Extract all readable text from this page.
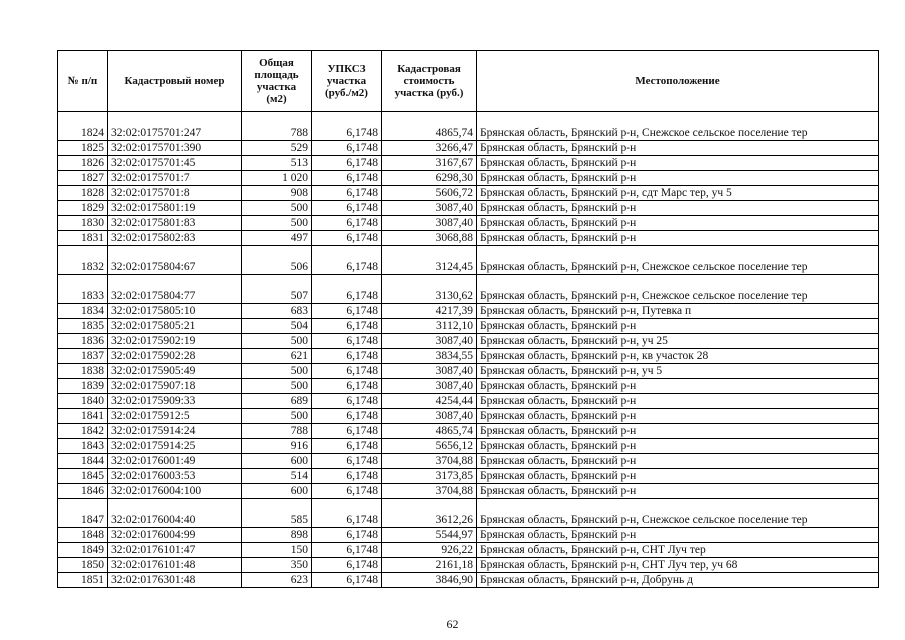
№ п/п	Кадастровый номер	Общая
площадь
участка
(м2)	УПКСЗ
участка
(руб./м2)	Кадастровая
стоимость
участка (руб.)	Местоположение
1824	32:02:0175701:247	788	6,1748	4865,74	Брянская область, Брянский р-н, Снежское сельское поселение тер
1825	32:02:0175701:390	529	6,1748	3266,47	Брянская область, Брянский р-н
1826	32:02:0175701:45	513	6,1748	3167,67	Брянская область, Брянский р-н
1827	32:02:0175701:7	1 020	6,1748	6298,30	Брянская область, Брянский р-н
1828	32:02:0175701:8	908	6,1748	5606,72	Брянская область, Брянский р-н, сдт Марс тер, уч 5
1829	32:02:0175801:19	500	6,1748	3087,40	Брянская область, Брянский р-н
1830	32:02:0175801:83	500	6,1748	3087,40	Брянская область, Брянский р-н
1831	32:02:0175802:83	497	6,1748	3068,88	Брянская область, Брянский р-н
1832	32:02:0175804:67	506	6,1748	3124,45	Брянская область, Брянский р-н, Снежское сельское поселение тер
1833	32:02:0175804:77	507	6,1748	3130,62	Брянская область, Брянский р-н, Снежское сельское поселение тер
1834	32:02:0175805:10	683	6,1748	4217,39	Брянская область, Брянский р-н, Путевка п
1835	32:02:0175805:21	504	6,1748	3112,10	Брянская область, Брянский р-н
1836	32:02:0175902:19	500	6,1748	3087,40	Брянская область, Брянский р-н, уч 25
1837	32:02:0175902:28	621	6,1748	3834,55	Брянская область, Брянский р-н, кв участок 28
1838	32:02:0175905:49	500	6,1748	3087,40	Брянская область, Брянский р-н, уч 5
1839	32:02:0175907:18	500	6,1748	3087,40	Брянская область, Брянский р-н
1840	32:02:0175909:33	689	6,1748	4254,44	Брянская область, Брянский р-н
1841	32:02:0175912:5	500	6,1748	3087,40	Брянская область, Брянский р-н
1842	32:02:0175914:24	788	6,1748	4865,74	Брянская область, Брянский р-н
1843	32:02:0175914:25	916	6,1748	5656,12	Брянская область, Брянский р-н
1844	32:02:0176001:49	600	6,1748	3704,88	Брянская область, Брянский р-н
1845	32:02:0176003:53	514	6,1748	3173,85	Брянская область, Брянский р-н
1846	32:02:0176004:100	600	6,1748	3704,88	Брянская область, Брянский р-н
1847	32:02:0176004:40	585	6,1748	3612,26	Брянская область, Брянский р-н, Снежское сельское поселение тер
1848	32:02:0176004:99	898	6,1748	5544,97	Брянская область, Брянский р-н
1849	32:02:0176101:47	150	6,1748	926,22	Брянская область, Брянский р-н, СНТ Луч тер
1850	32:02:0176101:48	350	6,1748	2161,18	Брянская область, Брянский р-н, СНТ Луч тер, уч 68
1851	32:02:0176301:48	623	6,1748	3846,90	Брянская область, Брянский р-н, Добрунь д
62
